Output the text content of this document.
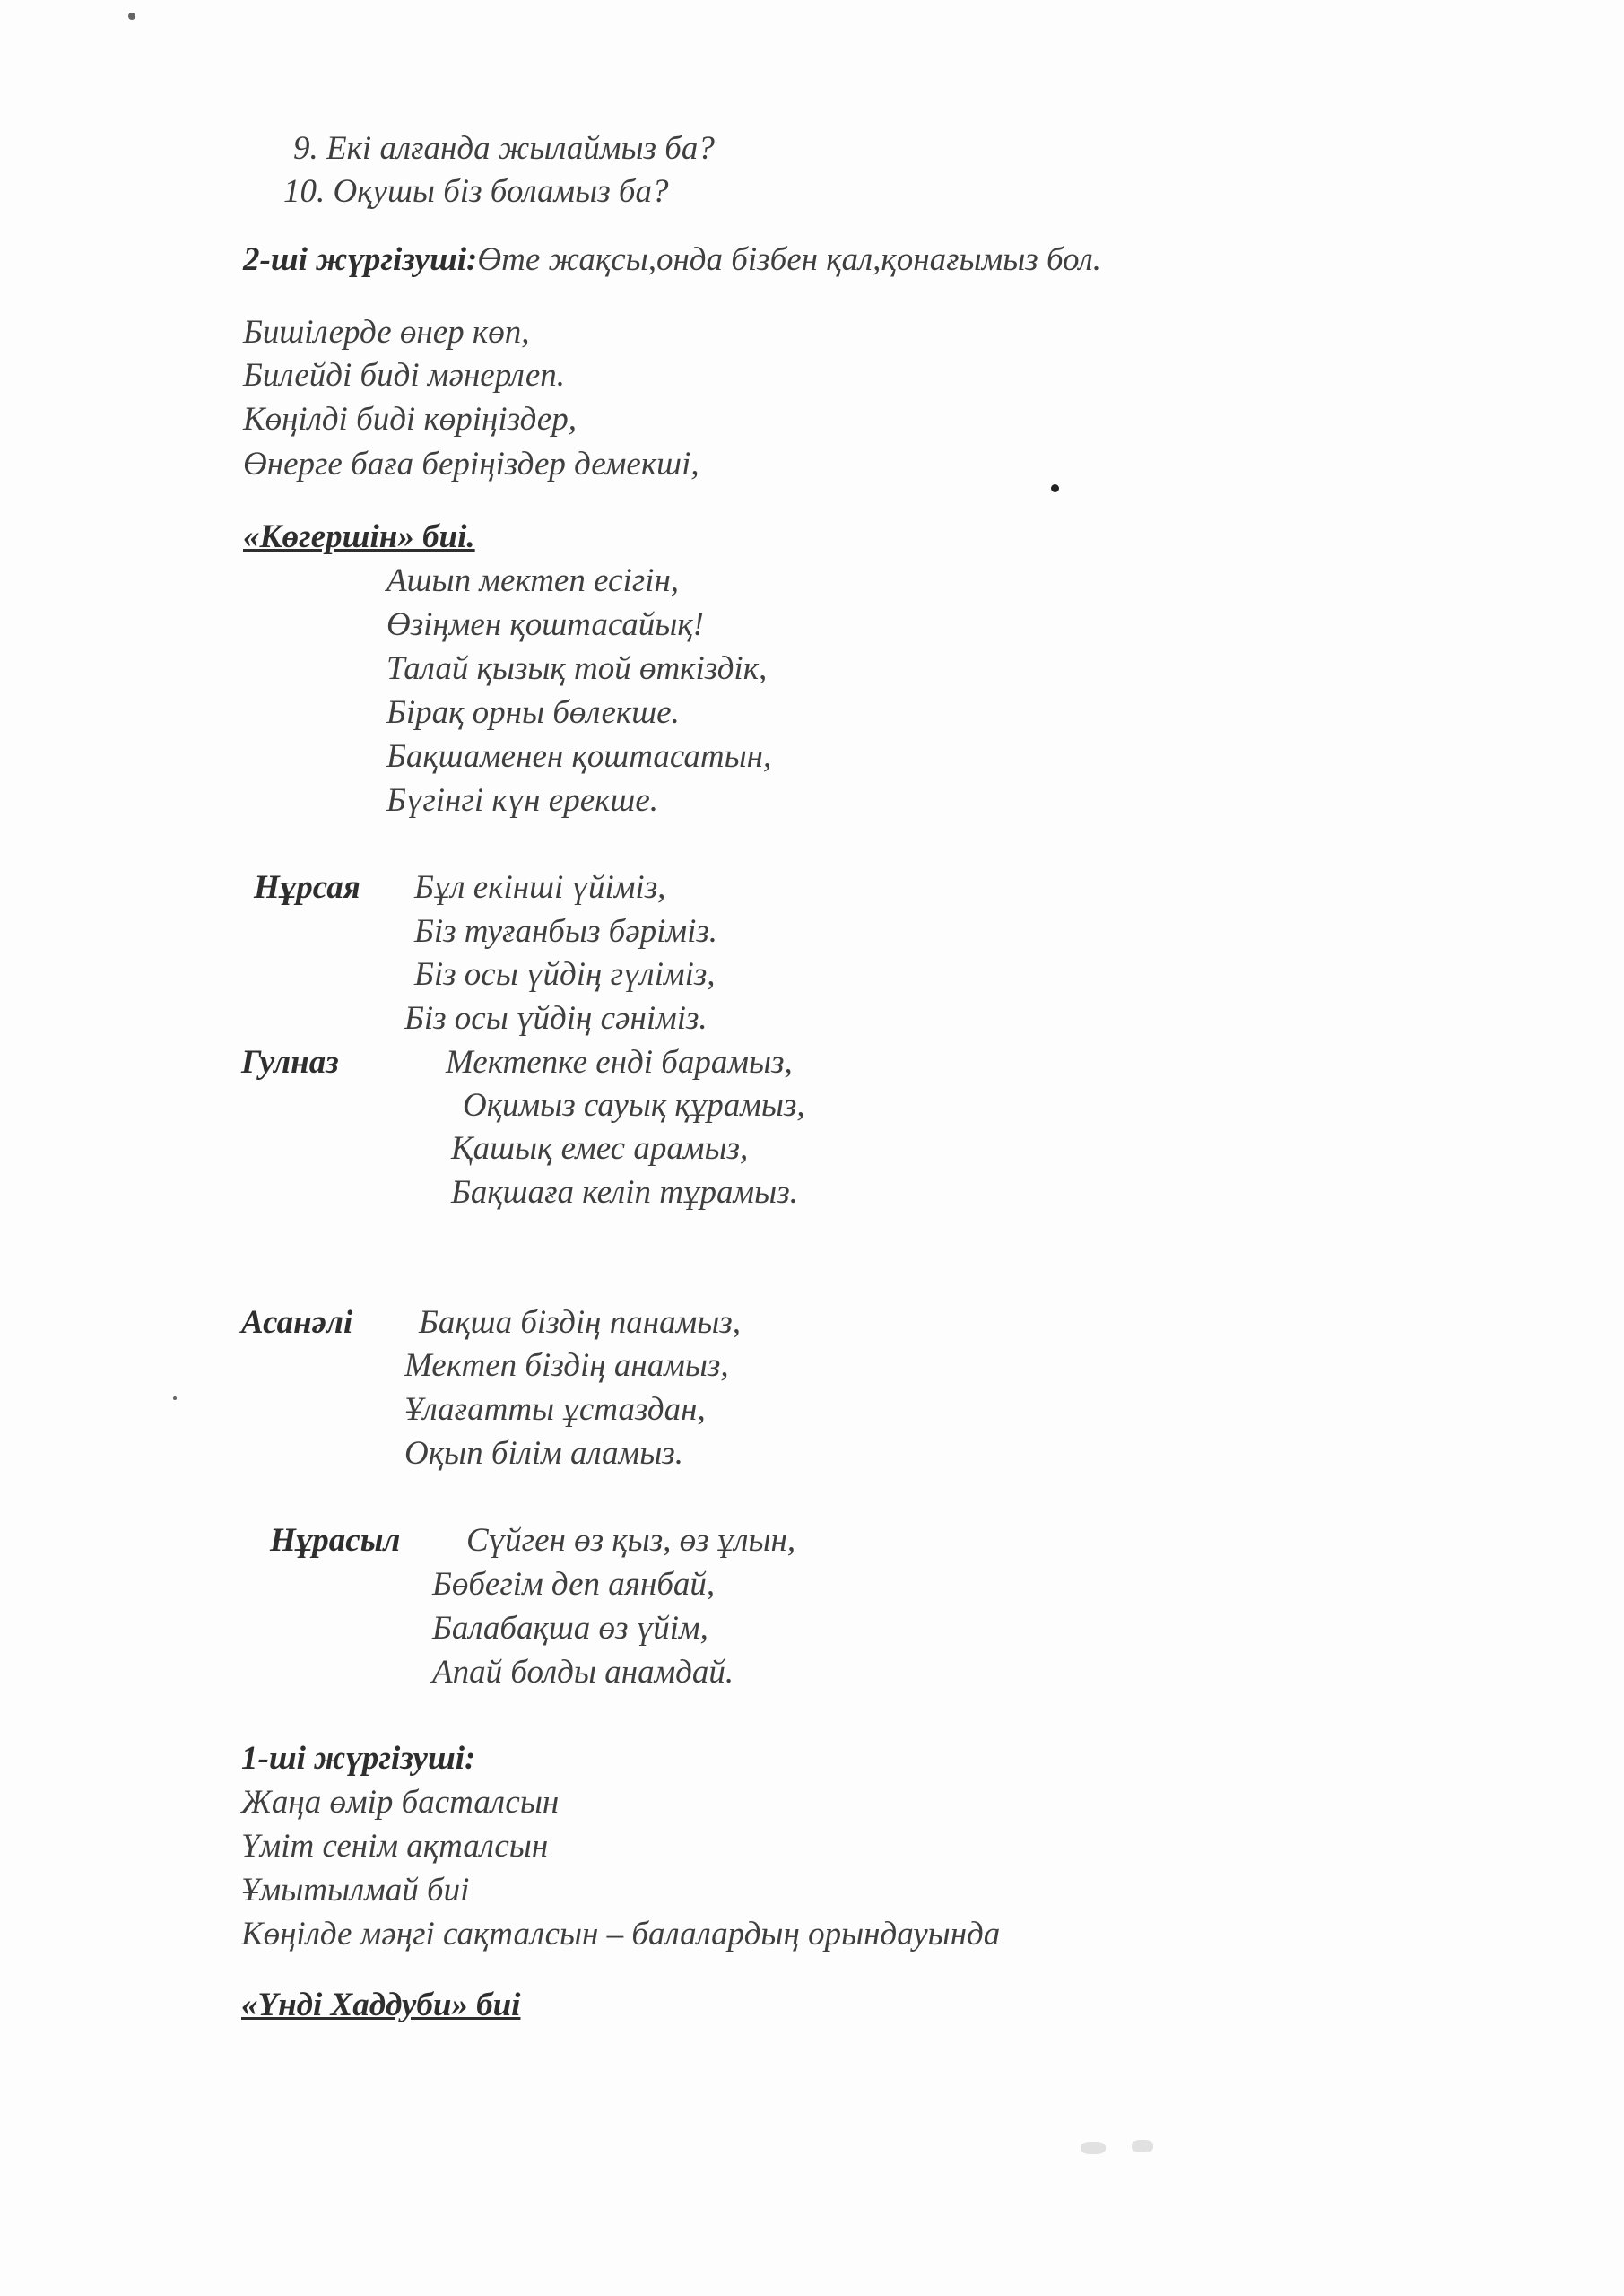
9. Екі алғанда жылаймыз ба?
10. Оқушы біз боламыз ба?
2-ші жүргізуші:Өте жақсы,онда бізбен қал,қонағымыз бол.
Бишілерде өнер көп,
Билейді биді мәнерлеп.
Көңілді биді көріңіздер,
Өнерге баға беріңіздер демекші,
«Көгершін» биі.
Ашып мектеп есігін,
Өзіңмен қоштасайық!
Талай қызық той өткіздік,
Бірақ орны бөлекше.
Бақшаменен қоштасатын,
Бүгінгі күн ерекше.
Нұрсая Бұл екінші үйіміз,
Біз туғанбыз бәріміз.
Біз осы үйдің гүліміз,
Біз осы үйдің сәніміз.
Гулназ	Мектепке енді барамыз,
Оқимыз сауық құрамыз,
Қашық емес арамыз,
Бақшаға келіп тұрамыз.
Асанәлі Бақша біздің панамыз,
Мектеп біздің анамыз,
Ұлағатты ұстаздан,
Оқып білім аламыз.
Нұрасыл Сүйген өз қыз, өз ұлын,
Бөбегім деп аянбай,
Балабақша өз үйім,
Апай болды анамдай.
1-ші жүргізуші:
Жаңа өмір басталсын
Үміт сенім ақталсын
Ұмытылмай биі
Көңілде мәңгі сақталсын – балалардың орындауында
«Үнді Хаддуби» биі
